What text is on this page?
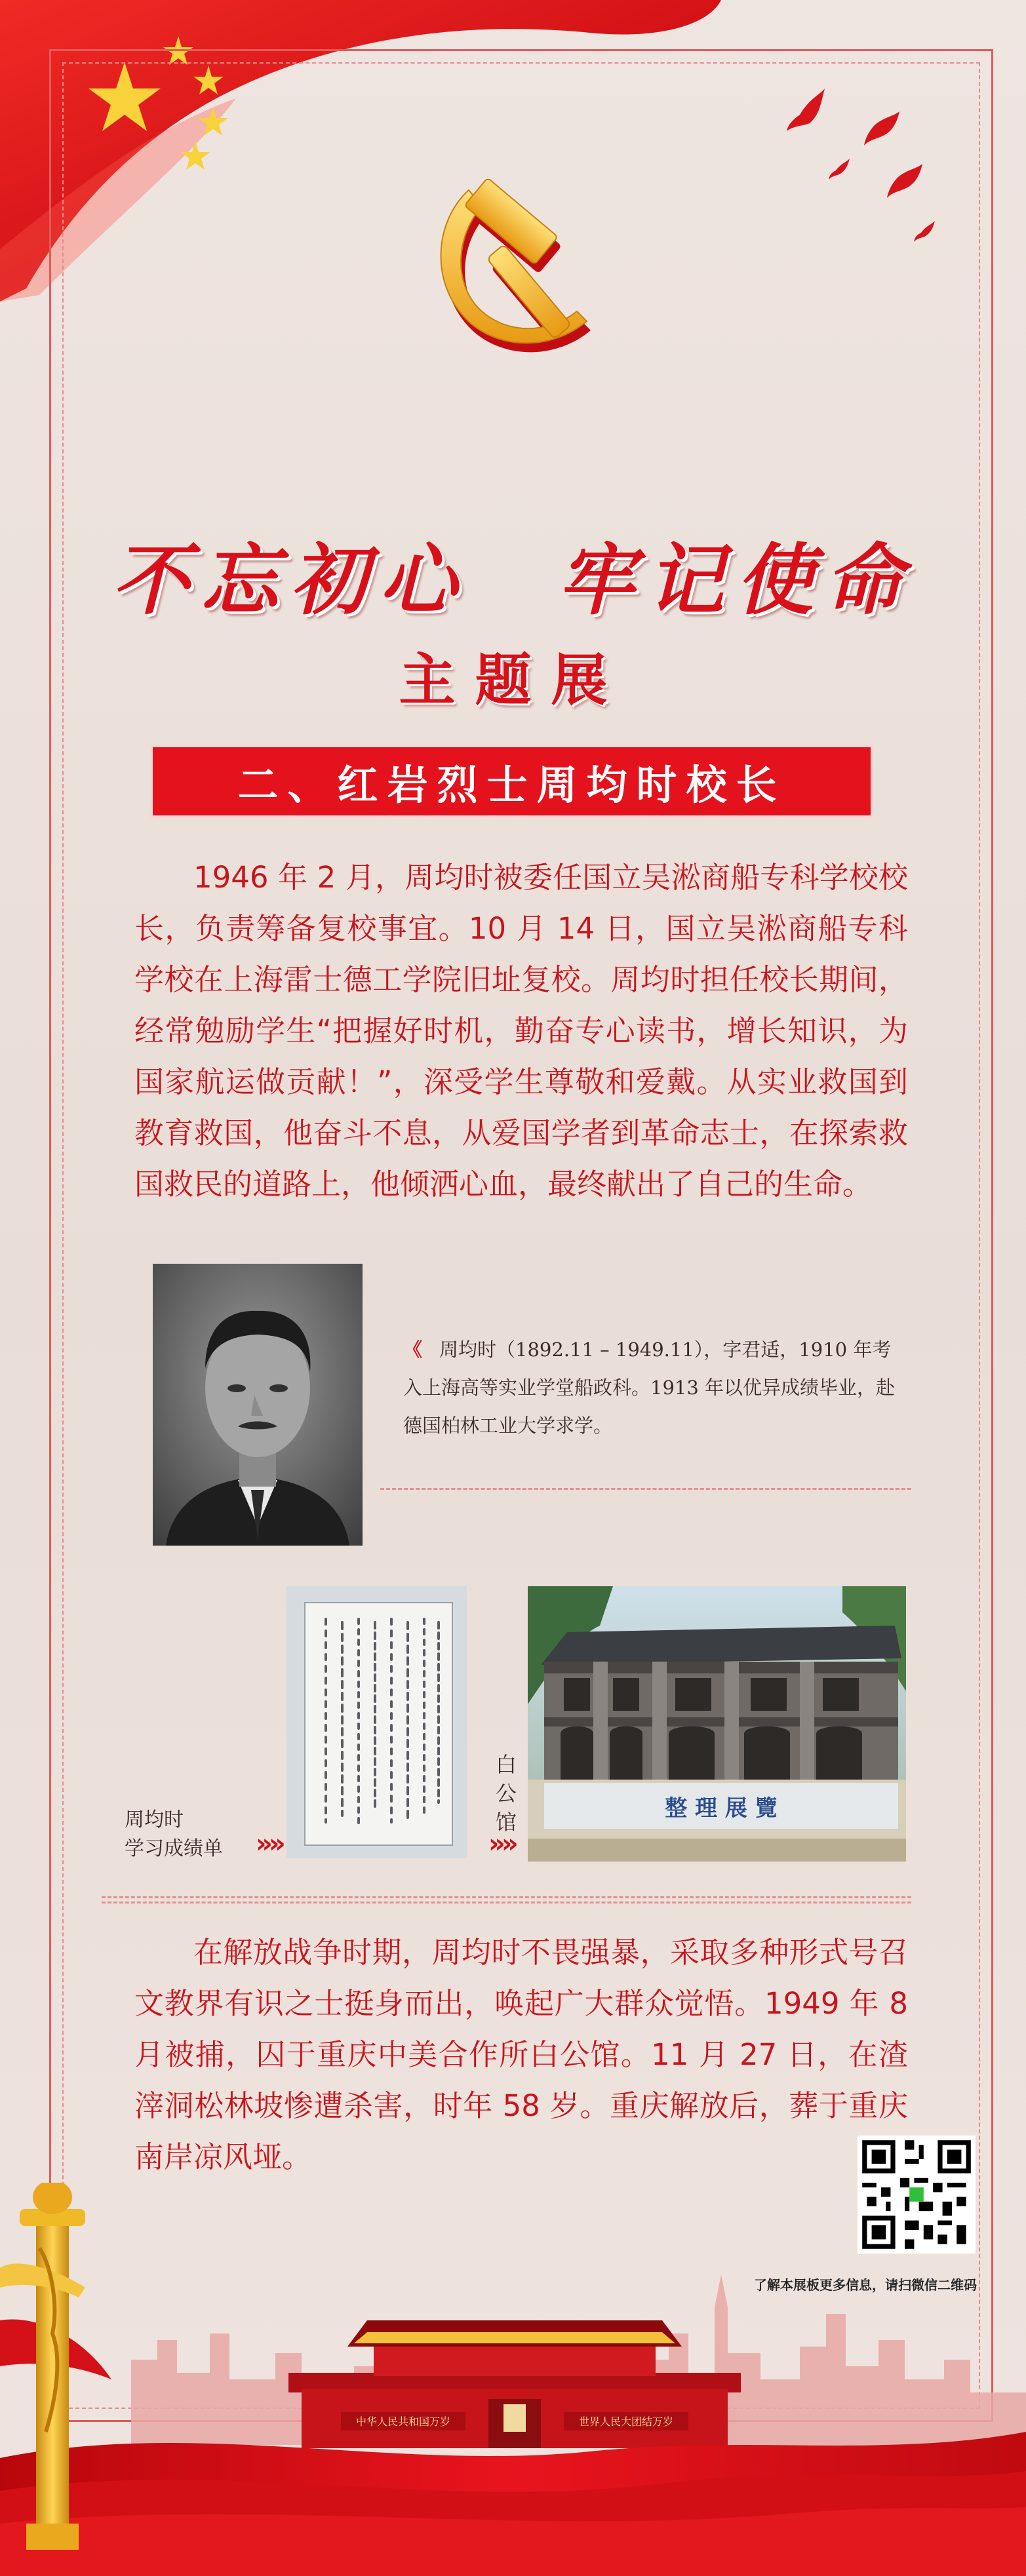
不忘初心　牢记使命
主题展
二、红岩烈士周均时校长
1946 年 2 月，周均时被委任国立吴淞商船专科学校校长，负责筹备复校事宜。10 月 14 日，国立吴淞商船专科学校在上海雷士德工学院旧址复校。周均时担任校长期间，经常勉励学生“把握好时机，勤奋专心读书，增长知识，为国家航运做贡献！”，深受学生尊敬和爱戴。从实业救国到教育救国，他奋斗不息，从爱国学者到革命志士，在探索救国救民的道路上，他倾洒心血，最终献出了自己的生命。
《 周均时（1892.11 – 1949.11），字君适，1910 年考入上海高等实业学堂船政科。1913 年以优异成绩毕业，赴德国柏林工业大学求学。
周均时
学习成绩单 »»
白公馆
»»
整 理 展 覽
在解放战争时期，周均时不畏强暴，采取多种形式号召文教界有识之士挺身而出，唤起广大群众觉悟。1949 年 8 月被捕，囚于重庆中美合作所白公馆。11 月 27 日，在渣滓洞松林坡惨遭杀害，时年 58 岁。重庆解放后，葬于重庆南岸凉风垭。
了解本展板更多信息，请扫微信二维码
中华人民共和国万岁	世界人民大团结万岁
